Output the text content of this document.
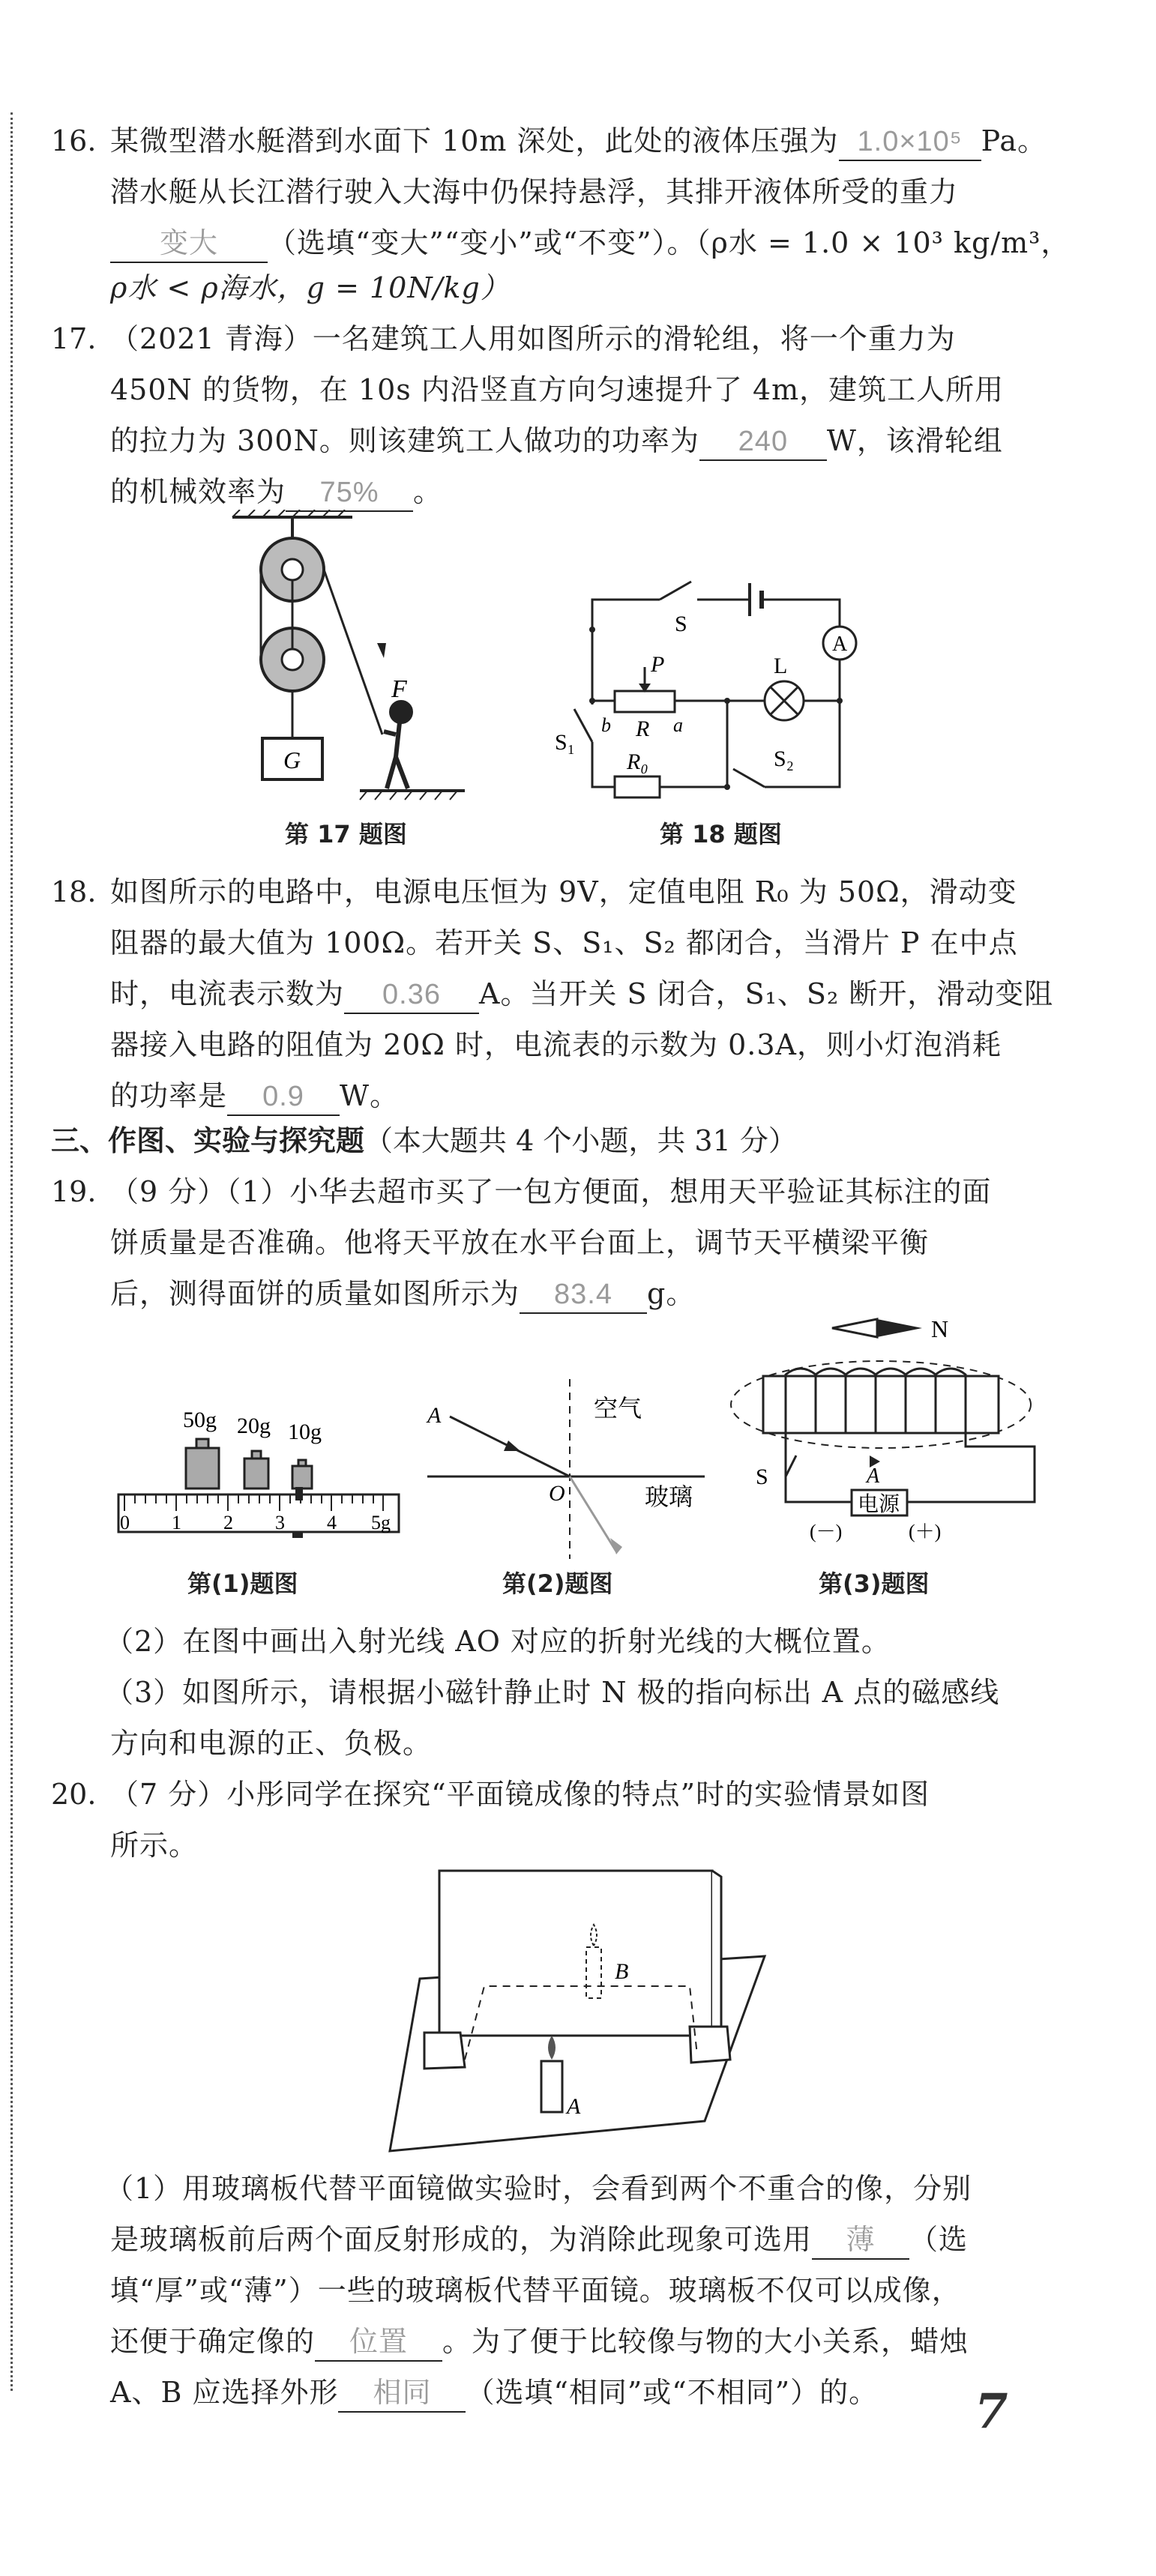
16. 某微型潜水艇潜到水面下 10m 深处，此处的液体压强为 1.0×10⁵ Pa。
潜水艇从长江潜行驶入大海中仍保持悬浮，其排开液体所受的重力
变大 （选填“变大”“变小”或“不变”）。（ρ水 = 1.0 × 10³ kg/m³，
ρ水 < ρ海水，g = 10N/kg）
17. （2021 青海）一名建筑工人用如图所示的滑轮组，将一个重力为
450N 的货物，在 10s 内沿竖直方向匀速提升了 4m，建筑工人所用
的拉力为 300N。则该建筑工人做功的功率为 240 W，该滑轮组
的机械效率为 75% 。
G
F
第 17 题图
S
A
P	L
b R a
S₁
R₀	S₂
第 18 题图
18. 如图所示的电路中，电源电压恒为 9V，定值电阻 R₀ 为 50Ω，滑动变
阻器的最大值为 100Ω。若开关 S、S₁、S₂ 都闭合，当滑片 P 在中点
时，电流表示数为 0.36 A。当开关 S 闭合，S₁、S₂ 断开，滑动变阻
器接入电路的阻值为 20Ω 时，电流表的示数为 0.3A，则小灯泡消耗
的功率是 0.9 W。
三、作图、实验与探究题（本大题共 4 个小题，共 31 分）
19. （9 分）（1）小华去超市买了一包方便面，想用天平验证其标注的面
饼质量是否准确。他将天平放在水平台面上，调节天平横梁平衡
后，测得面饼的质量如图所示为 83.4 g。
50g 20g 10g
0 1 2 3 4 5g
第(1)题图
A
O
空气
玻璃
第(2)题图
N
电源
S	A
(－)	(＋)
第(3)题图
（2）在图中画出入射光线 AO 对应的折射光线的大概位置。
（3）如图所示，请根据小磁针静止时 N 极的指向标出 A 点的磁感线
方向和电源的正、负极。
20. （7 分）小彤同学在探究“平面镜成像的特点”时的实验情景如图
所示。
B
A
（1）用玻璃板代替平面镜做实验时，会看到两个不重合的像，分别
是玻璃板前后两个面反射形成的，为消除此现象可选用 薄 （选
填“厚”或“薄”）一些的玻璃板代替平面镜。玻璃板不仅可以成像，
还便于确定像的 位置 。为了便于比较像与物的大小关系，蜡烛
A、B 应选择外形 相同 （选填“相同”或“不相同”）的。 7
